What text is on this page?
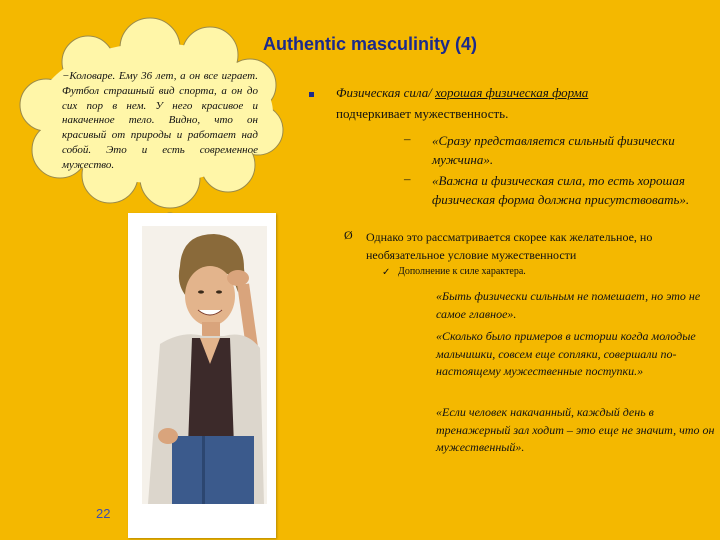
Authentic masculinity (4)
−Коловаре. Ему 36 лет, а он все играет. Футбол страшный вид спорта, а он до сих пор в нем. У него красивое и накаченное тело. Видно, что он красивый от природы и работает над собой. Это и есть современное мужество.
22
Физическая сила/ хорошая физическая форма
подчеркивает мужественность.
– «Сразу представляется сильный физически мужчина».
– «Важна и физическая сила, то есть хорошая физическая форма должна присутствовать».
Ø Однако это рассматривается скорее как желательное, но необязательное условие мужественности
✓ Дополнение к силе характера.
«Быть физически сильным не помешает, но это не самое главное».
«Сколько было примеров в истории когда молодые мальчишки, совсем еще сопляки, совершали по-настоящему мужественные поступки.»
«Если человек накачанный, каждый день в тренажерный зал ходит – это еще не значит, что он мужественный».
